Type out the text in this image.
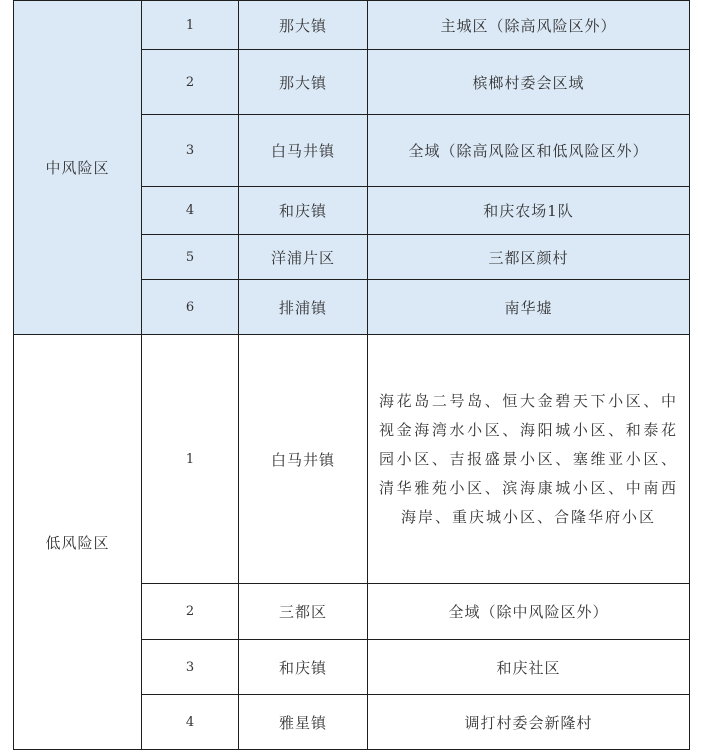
中风险区	1	那大镇	主城区（除高风险区外）
	2	那大镇	槟榔村委会区域
	3	白马井镇	全域（除高风险区和低风险区外）
	4	和庆镇	和庆农场1队
	5	洋浦片区	三都区颜村
	6	排浦镇	南华墟
低风险区	1	白马井镇	海花岛二号岛、恒大金碧天下小区、中视金海湾水小区、海阳城小区、和泰花园小区、吉报盛景小区、塞维亚小区、清华雅苑小区、滨海康城小区、中南西海岸、重庆城小区、合隆华府小区
	2	三都区	全域（除中风险区外）
	3	和庆镇	和庆社区
	4	雅星镇	调打村委会新隆村
